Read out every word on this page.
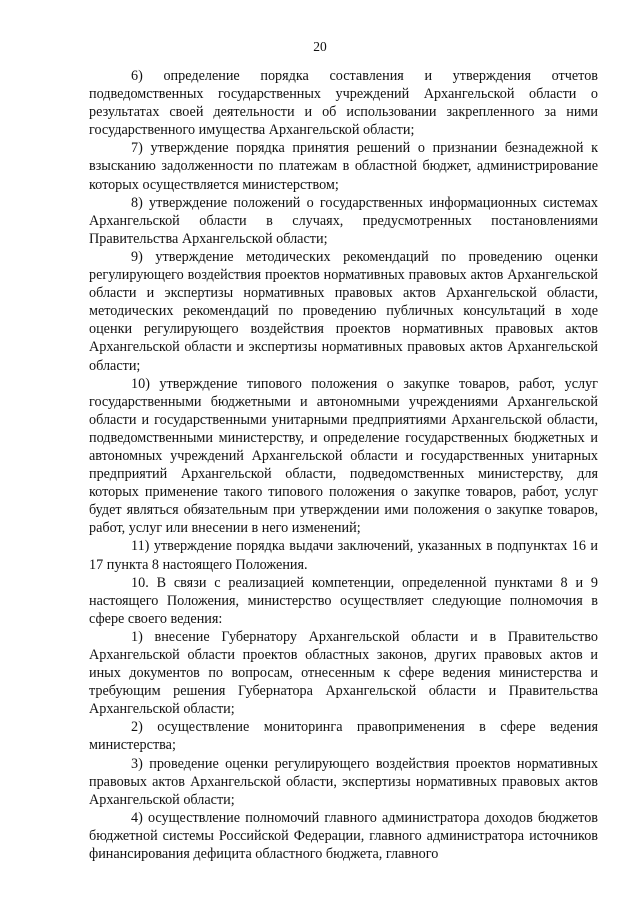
20

6) определение порядка составления и утверждения отчетов подведомственных государственных учреждений Архангельской области о результатах своей деятельности и об использовании закрепленного за ними государственного имущества Архангельской области;

7) утверждение порядка принятия решений о признании безнадежной к взысканию задолженности по платежам в областной бюджет, администрирование которых осуществляется министерством;

8) утверждение положений о государственных информационных системах Архангельской области в случаях, предусмотренных постановлениями Правительства Архангельской области;

9) утверждение методических рекомендаций по проведению оценки регулирующего воздействия проектов нормативных правовых актов Архангельской области и экспертизы нормативных правовых актов Архангельской области, методических рекомендаций по проведению публичных консультаций в ходе оценки регулирующего воздействия проектов нормативных правовых актов Архангельской области и экспертизы нормативных правовых актов Архангельской области;

10) утверждение типового положения о закупке товаров, работ, услуг государственными бюджетными и автономными учреждениями Архангельской области и государственными унитарными предприятиями Архангельской области, подведомственными министерству, и определение государственных бюджетных и автономных учреждений Архангельской области и государственных унитарных предприятий Архангельской области, подведомственных министерству, для которых применение такого типового положения о закупке товаров, работ, услуг будет являться обязательным при утверждении ими положения о закупке товаров, работ, услуг или внесении в него изменений;

11) утверждение порядка выдачи заключений, указанных в подпунктах 16 и 17 пункта 8 настоящего Положения.

10. В связи с реализацией компетенции, определенной пунктами 8 и 9 настоящего Положения, министерство осуществляет следующие полномочия в сфере своего ведения:

1) внесение Губернатору Архангельской области и в Правительство Архангельской области проектов областных законов, других правовых актов и иных документов по вопросам, отнесенным к сфере ведения министерства и требующим решения Губернатора Архангельской области и Правительства Архангельской области;

2) осуществление мониторинга правоприменения в сфере ведения министерства;

3) проведение оценки регулирующего воздействия проектов нормативных правовых актов Архангельской области, экспертизы нормативных правовых актов Архангельской области;

4) осуществление полномочий главного администратора доходов бюджетов бюджетной системы Российской Федерации, главного администратора источников финансирования дефицита областного бюджета, главного
